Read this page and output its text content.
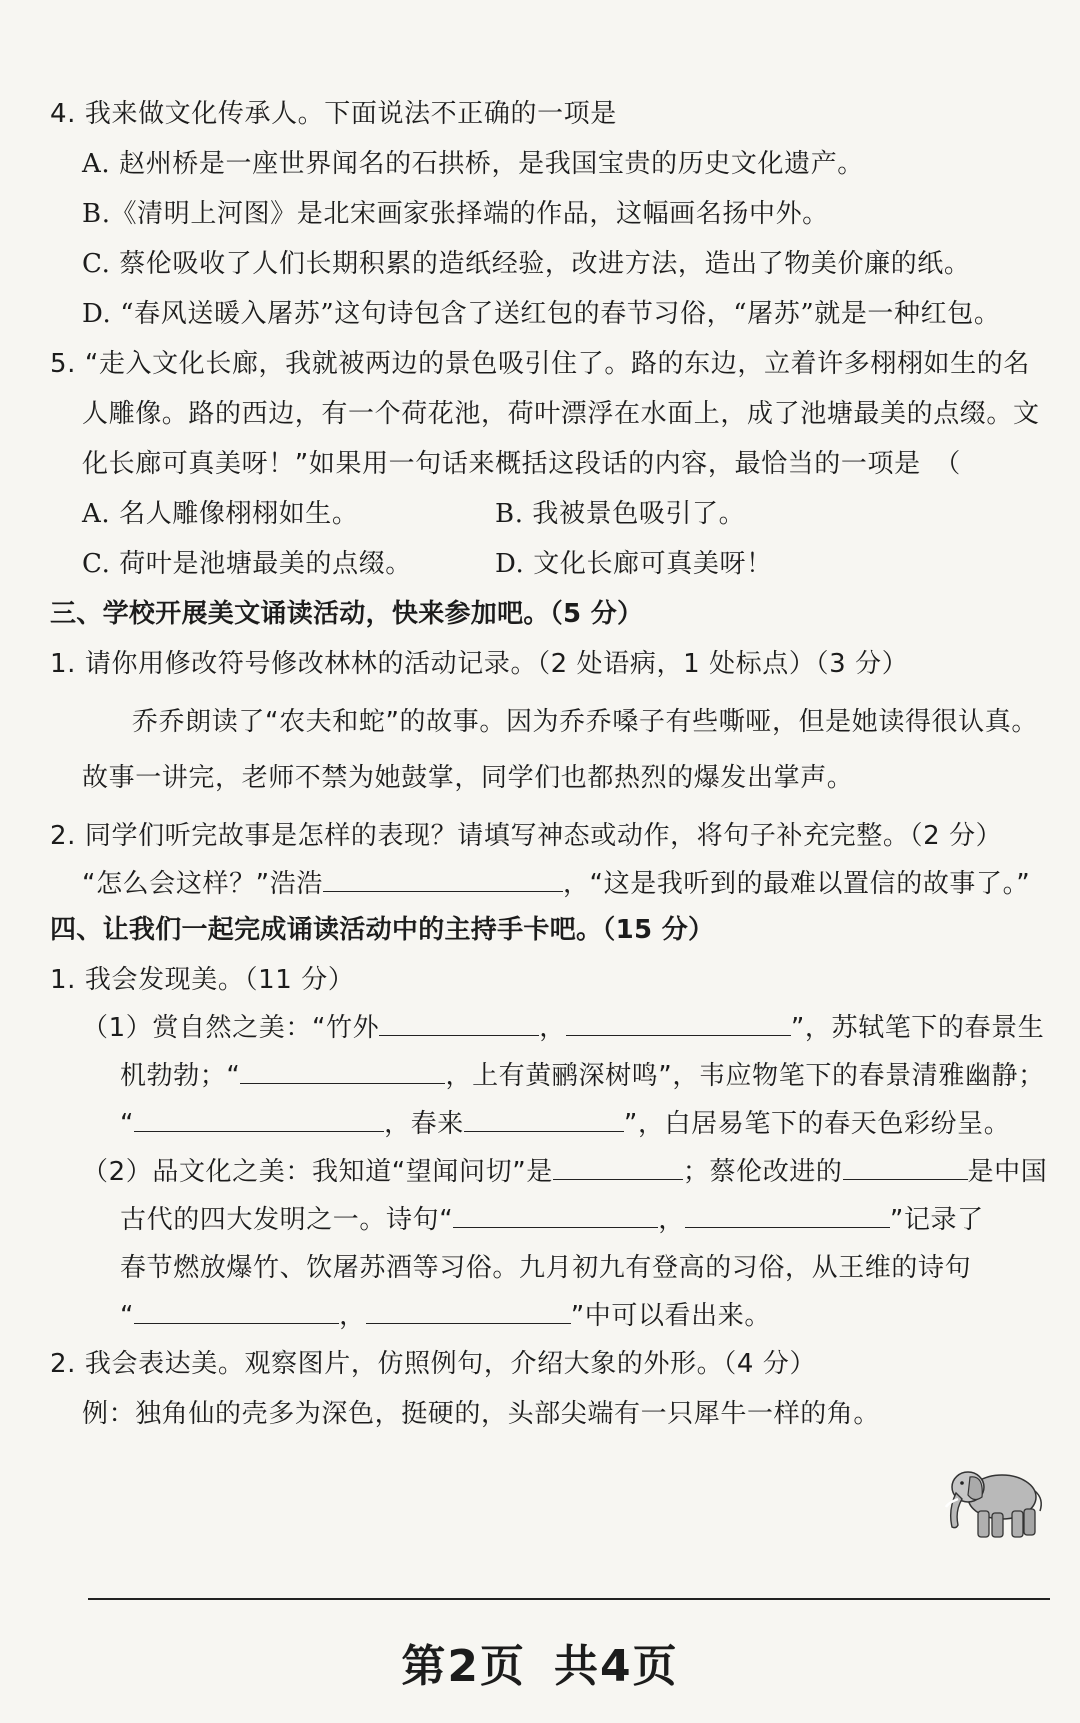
4. 我来做文化传承人。下面说法不正确的一项是
A. 赵州桥是一座世界闻名的石拱桥，是我国宝贵的历史文化遗产。
B.《清明上河图》是北宋画家张择端的作品，这幅画名扬中外。
C. 蔡伦吸收了人们长期积累的造纸经验，改进方法，造出了物美价廉的纸。
D. “春风送暖入屠苏”这句诗包含了送红包的春节习俗，“屠苏”就是一种红包。
5. “走入文化长廊，我就被两边的景色吸引住了。路的东边，立着许多栩栩如生的名
人雕像。路的西边，有一个荷花池，荷叶漂浮在水面上，成了池塘最美的点缀。文
化长廊可真美呀！”如果用一句话来概括这段话的内容，最恰当的一项是　（
A. 名人雕像栩栩如生。	B. 我被景色吸引了。
C. 荷叶是池塘最美的点缀。	D. 文化长廊可真美呀！
三、学校开展美文诵读活动，快来参加吧。（5 分）
1. 请你用修改符号修改林林的活动记录。（2 处语病，1 处标点）（3 分）
乔乔朗读了“农夫和蛇”的故事。因为乔乔嗓子有些嘶哑，但是她读得很认真。
故事一讲完，老师不禁为她鼓掌，同学们也都热烈的爆发出掌声。
2. 同学们听完故事是怎样的表现？请填写神态或动作，将句子补充完整。（2 分）
“怎么会这样？”浩浩	，“这是我听到的最难以置信的故事了。”
四、让我们一起完成诵读活动中的主持手卡吧。（15 分）
1. 我会发现美。（11 分）
（1）赏自然之美：“竹外	，	”，苏轼笔下的春景生
机勃勃；“	，上有黄鹂深树鸣”，韦应物笔下的春景清雅幽静；
“	，春来	”，白居易笔下的春天色彩纷呈。
（2）品文化之美：我知道“望闻问切”是	；蔡伦改进的	是中国
古代的四大发明之一。诗句“	，	”记录了
春节燃放爆竹、饮屠苏酒等习俗。九月初九有登高的习俗，从王维的诗句
“	，	”中可以看出来。
2. 我会表达美。观察图片，仿照例句，介绍大象的外形。（4 分）
例：独角仙的壳多为深色，挺硬的，头部尖端有一只犀牛一样的角。
第2页 共4页
